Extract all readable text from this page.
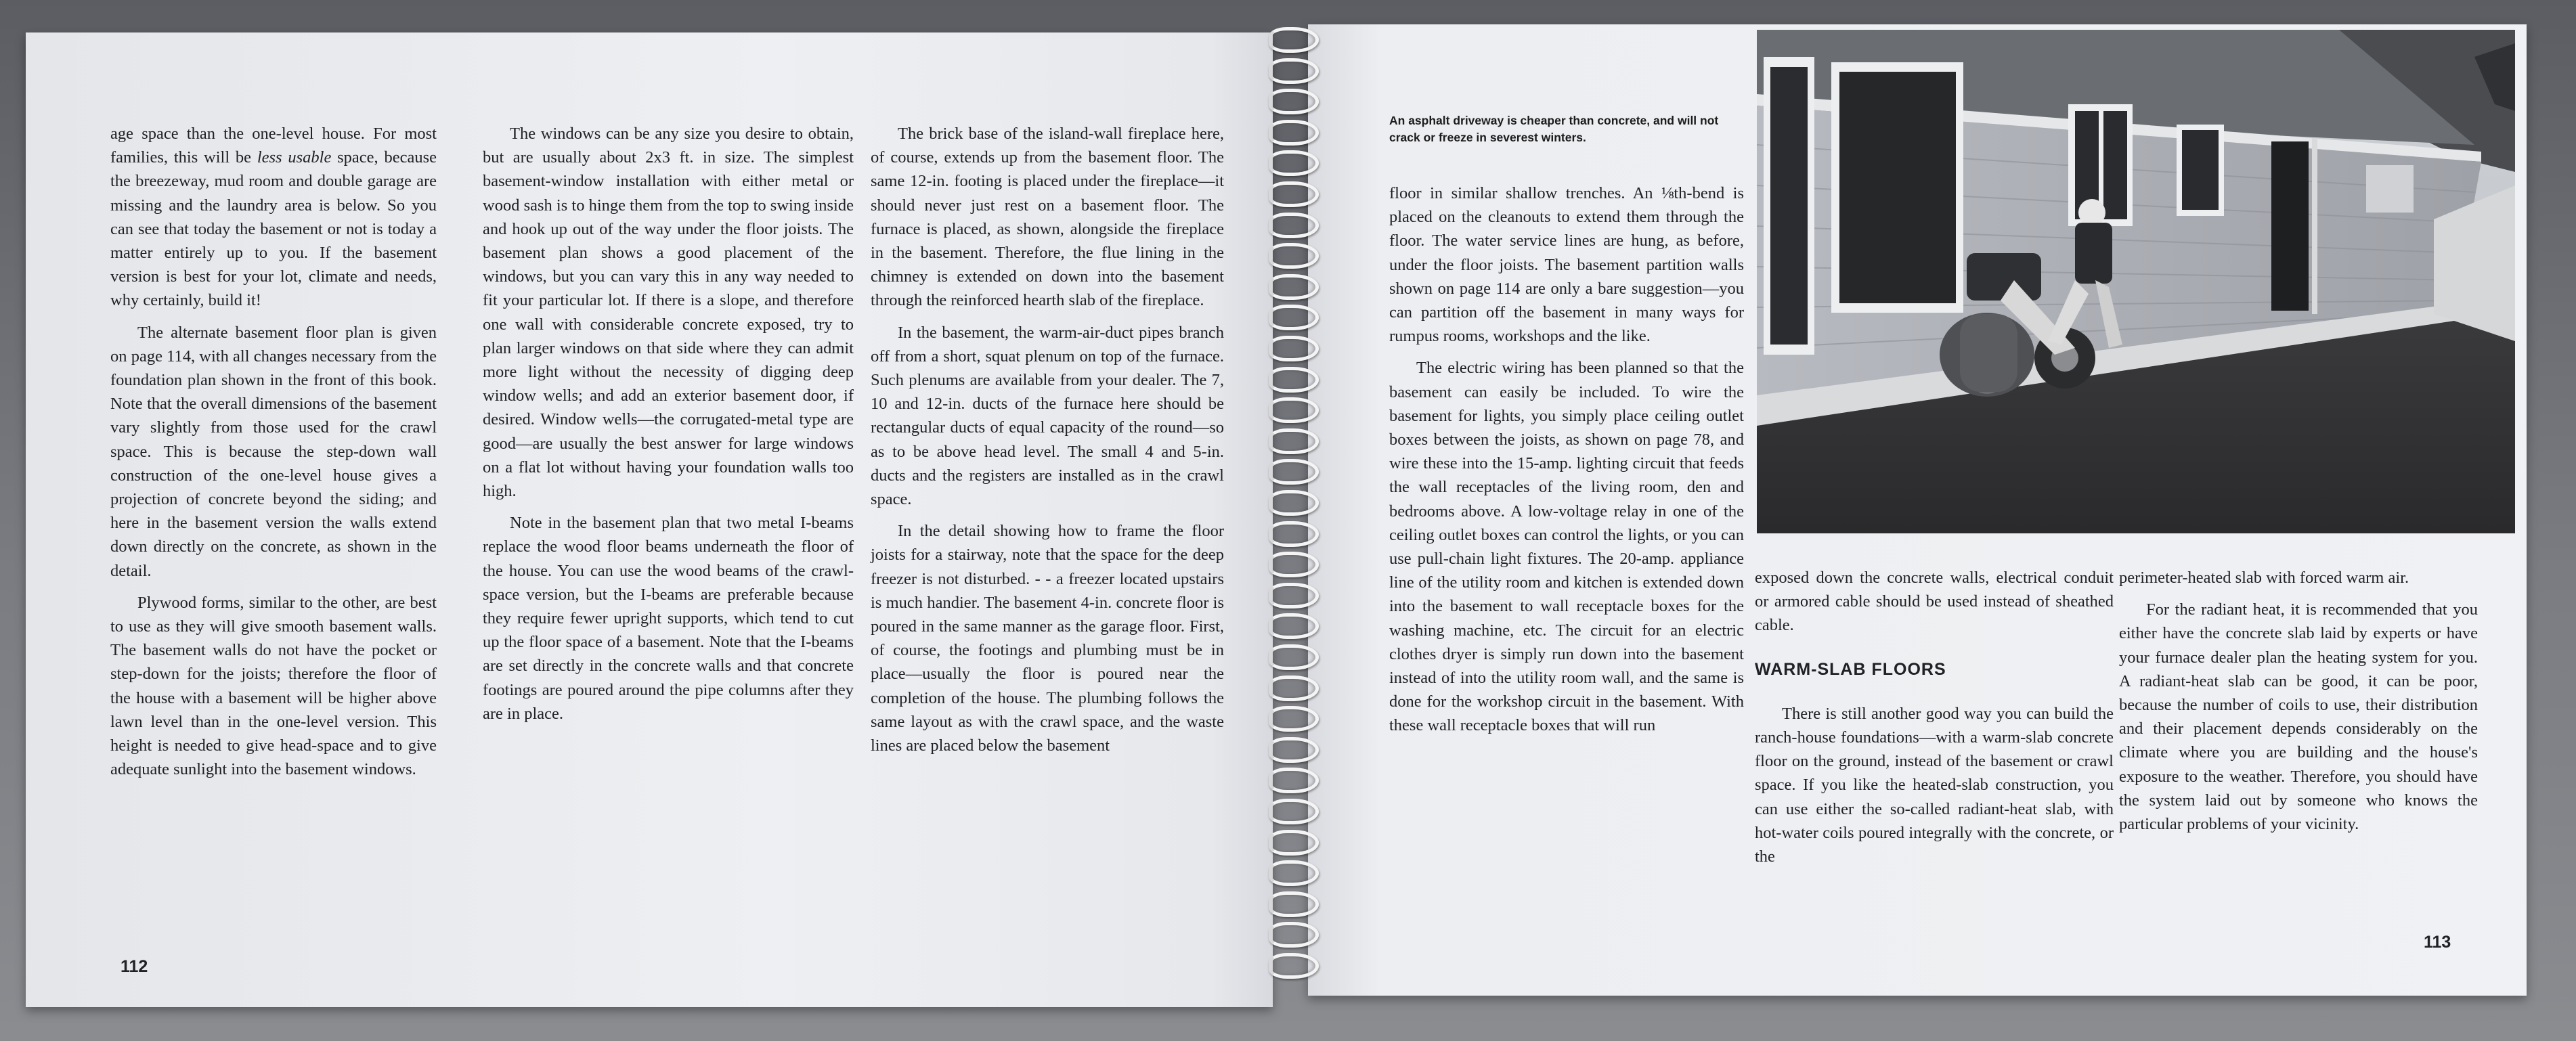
age space than the one-level house. For most families, this will be less usable space, because the breezeway, mud room and double garage are missing and the laundry area is below. So you can see that today the basement or not is today a matter entirely up to you. If the basement version is best for your lot, climate and needs, why certainly, build it!

The alternate basement floor plan is given on page 114, with all changes necessary from the foundation plan shown in the front of this book. Note that the overall dimensions of the basement vary slightly from those used for the crawl space. This is because the step-down wall construction of the one-level house gives a projection of concrete beyond the siding; and here in the basement version the walls extend down directly on the concrete, as shown in the detail.

Plywood forms, similar to the other, are best to use as they will give smooth basement walls. The basement walls do not have the pocket or step-down for the joists; therefore the floor of the house with a basement will be higher above lawn level than in the one-level version. This height is needed to give head-space and to give adequate sunlight into the basement windows.

The windows can be any size you desire to obtain, but are usually about 2x3 ft. in size. The simplest basement-window installation with either metal or wood sash is to hinge them from the top to swing inside and hook up out of the way under the floor joists. The basement plan shows a good placement of the windows, but you can vary this in any way needed to fit your particular lot. If there is a slope, and therefore one wall with considerable concrete exposed, try to plan larger windows on that side where they can admit more light without the necessity of digging deep window wells; and add an exterior basement door, if desired. Window wells—the corrugated-metal type are good—are usually the best answer for large windows on a flat lot without having your foundation walls too high.

Note in the basement plan that two metal I-beams replace the wood floor beams underneath the floor of the house. You can use the wood beams of the crawl-space version, but the I-beams are preferable because they require fewer upright supports, which tend to cut up the floor space of a basement. Note that the I-beams are set directly in the concrete walls and that concrete footings are poured around the pipe columns after they are in place.

The brick base of the island-wall fireplace here, of course, extends up from the basement floor. The same 12-in. footing is placed under the fireplace—it should never just rest on a basement floor. The furnace is placed, as shown, alongside the fireplace in the basement. Therefore, the flue lining in the chimney is extended on down into the basement through the reinforced hearth slab of the fireplace.

In the basement, the warm-air-duct pipes branch off from a short, squat plenum on top of the furnace. Such plenums are available from your dealer. The 7, 10 and 12-in. ducts of the furnace here should be rectangular ducts of equal capacity of the round—so as to be above head level. The small 4 and 5-in. ducts and the registers are installed as in the crawl space.

In the detail showing how to frame the floor joists for a stairway, note that the space for the deep freezer is not disturbed. - - a freezer located upstairs is much handier. The basement 4-in. concrete floor is poured in the same manner as the garage floor. First, of course, the footings and plumbing must be in place—usually the floor is poured near the completion of the house. The plumbing follows the same layout as with the crawl space, and the waste lines are placed below the basement

112
An asphalt driveway is cheaper than concrete, and will not crack or freeze in severest winters.

floor in similar shallow trenches. An ⅛th-bend is placed on the cleanouts to extend them through the floor. The water service lines are hung, as before, under the floor joists. The basement partition walls shown on page 114 are only a bare suggestion—you can partition off the basement in many ways for rumpus rooms, workshops and the like.

The electric wiring has been planned so that the basement can easily be included. To wire the basement for lights, you simply place ceiling outlet boxes between the joists, as shown on page 78, and wire these into the 15-amp. lighting circuit that feeds the wall receptacles of the living room, den and bedrooms above. A low-voltage relay in one of the ceiling outlet boxes can control the lights, or you can use pull-chain light fixtures. The 20-amp. appliance line of the utility room and kitchen is extended down into the basement to wall receptacle boxes for the washing machine, etc. The circuit for an electric clothes dryer is simply run down into the basement instead of into the utility room wall, and the same is done for the workshop circuit in the basement. With these wall receptacle boxes that will run

exposed down the concrete walls, electrical conduit or armored cable should be used instead of sheathed cable.

WARM-SLAB FLOORS

There is still another good way you can build the ranch-house foundations—with a warm-slab concrete floor on the ground, instead of the basement or crawl space. If you like the heated-slab construction, you can use either the so-called radiant-heat slab, with hot-water coils poured integrally with the concrete, or the

perimeter-heated slab with forced warm air.

For the radiant heat, it is recommended that you either have the concrete slab laid by experts or have your furnace dealer plan the heating system for you. A radiant-heat slab can be good, it can be poor, because the number of coils to use, their distribution and their placement depends considerably on the climate where you are building and the house's exposure to the weather. Therefore, you should have the system laid out by someone who knows the particular problems of your vicinity.

113
